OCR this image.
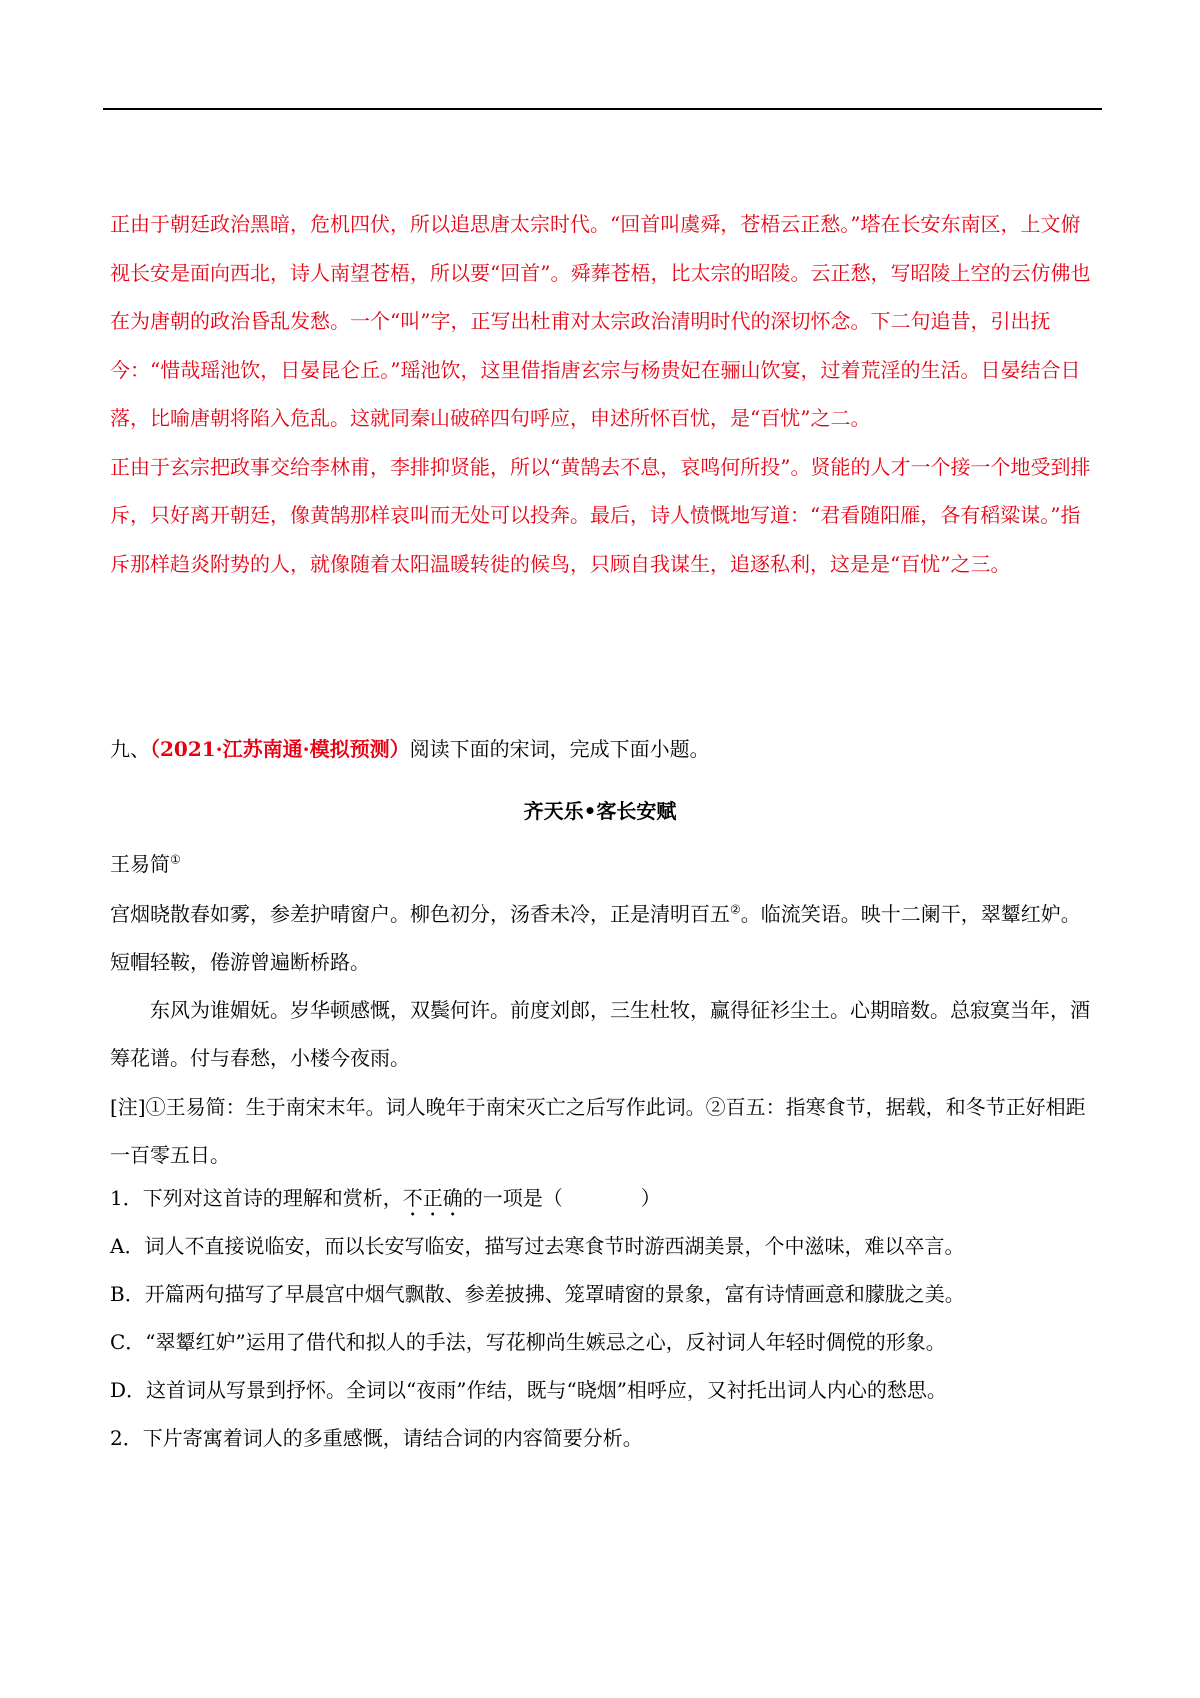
正由于朝廷政治黑暗，危机四伏，所以追思唐太宗时代。“回首叫虞舜，苍梧云正愁。”塔在长安东南区，上文俯视长安是面向西北，诗人南望苍梧，所以要“回首”。舜葬苍梧，比太宗的昭陵。云正愁，写昭陵上空的云仿佛也在为唐朝的政治昏乱发愁。一个“叫”字，正写出杜甫对太宗政治清明时代的深切怀念。下二句追昔，引出抚今：“惜哉瑶池饮，日晏昆仑丘。”瑶池饮，这里借指唐玄宗与杨贵妃在骊山饮宴，过着荒淫的生活。日晏结合日落，比喻唐朝将陷入危乱。这就同秦山破碎四句呼应，申述所怀百忧，是“百忧”之二。

正由于玄宗把政事交给李林甫，李排抑贤能，所以“黄鹄去不息，哀鸣何所投”。贤能的人才一个接一个地受到排斥，只好离开朝廷，像黄鹄那样哀叫而无处可以投奔。最后，诗人愤慨地写道：“君看随阳雁，各有稻粱谋。”指斥那样趋炎附势的人，就像随着太阳温暖转徙的候鸟，只顾自我谋生，追逐私利，这是是“百忧”之三。

九、（2021·江苏南通·模拟预测）阅读下面的宋词，完成下面小题。
齐天乐•客长安赋
王易简①

宫烟晓散春如雾，参差护晴窗户。柳色初分，汤香未冷，正是清明百五②。临流笑语。映十二阑干，翠颦红妒。短帽轻鞍，倦游曾遍断桥路。

东风为谁媚妩。岁华顿感慨，双鬓何许。前度刘郎，三生杜牧，赢得征衫尘土。心期暗数。总寂寞当年，酒筹花谱。付与春愁，小楼今夜雨。

[注]①王易简：生于南宋末年。词人晚年于南宋灭亡之后写作此词。②百五：指寒食节，据载，和冬节正好相距一百零五日。

1．下列对这首诗的理解和赏析，不正确的一项是（	）
A．词人不直接说临安，而以长安写临安，描写过去寒食节时游西湖美景，个中滋味，难以卒言。
B．开篇两句描写了早晨宫中烟气飘散、参差披拂、笼罩晴窗的景象，富有诗情画意和朦胧之美。
C．“翠颦红妒”运用了借代和拟人的手法，写花柳尚生嫉忌之心，反衬词人年轻时倜傥的形象。
D．这首词从写景到抒怀。全词以“夜雨”作结，既与“晓烟”相呼应，又衬托出词人内心的愁思。
2．下片寄寓着词人的多重感慨，请结合词的内容简要分析。
